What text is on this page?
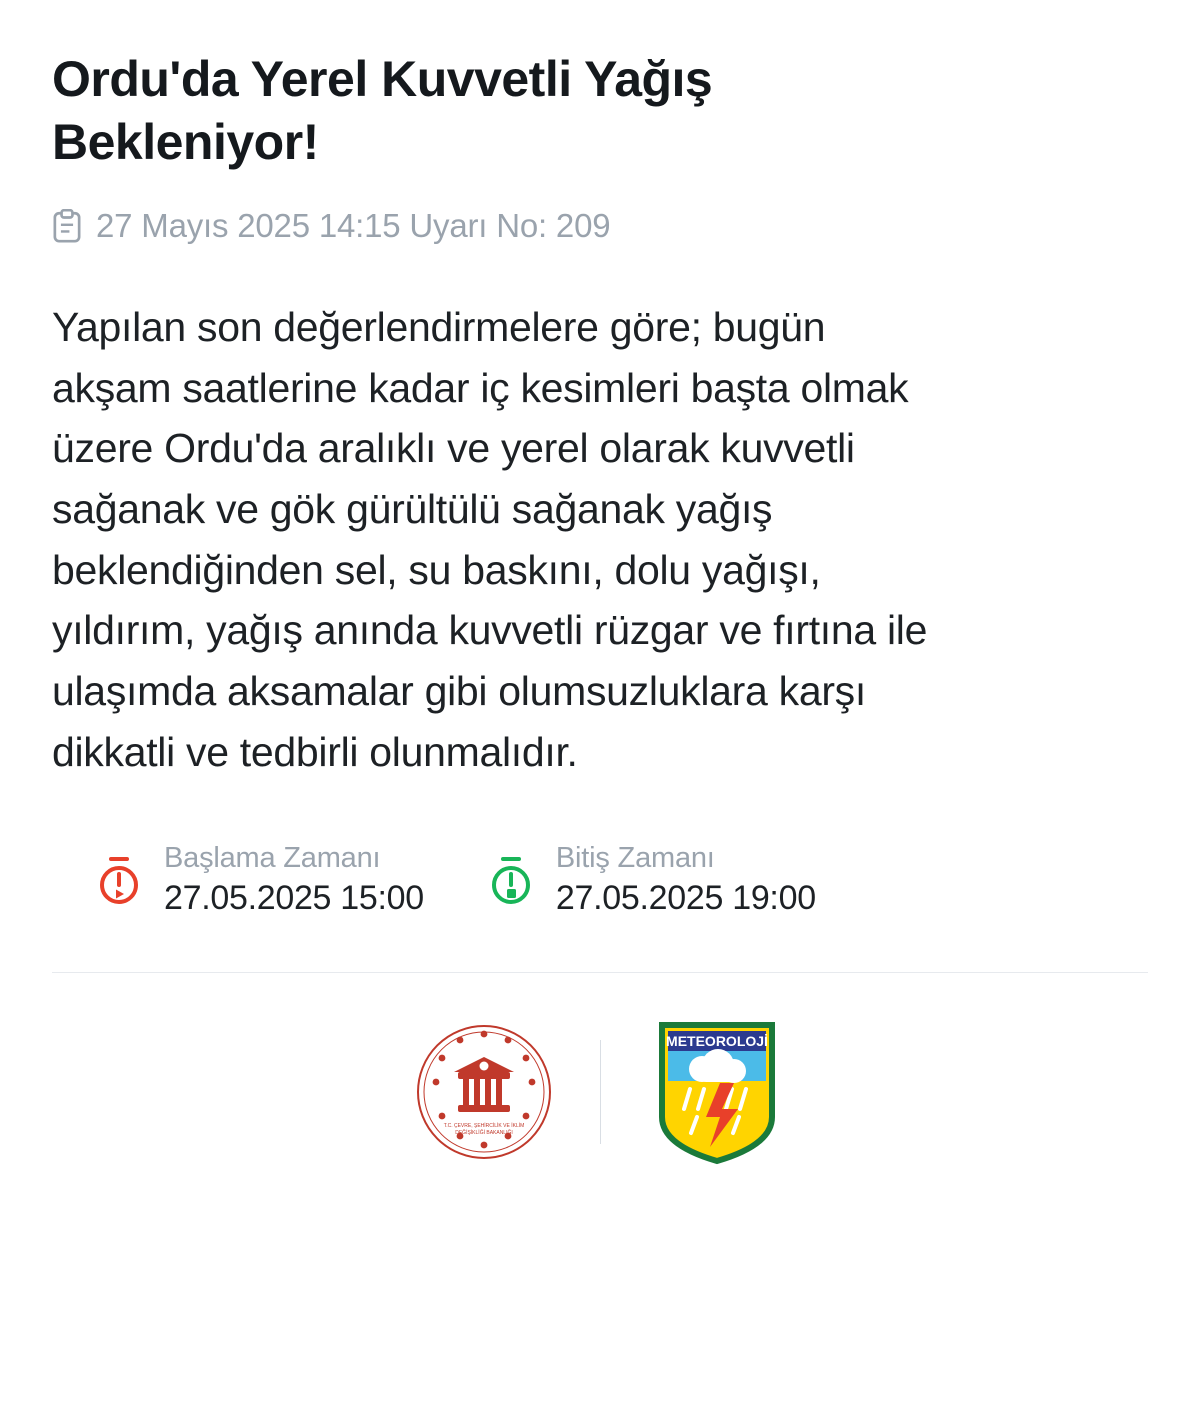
Ordu'da Yerel Kuvvetli Yağış Bekleniyor!
27 Mayıs 2025 14:15 Uyarı No: 209

Yapılan son değerlendirmelere göre; bugün akşam saatlerine kadar iç kesimleri başta olmak üzere Ordu'da aralıklı ve yerel olarak kuvvetli sağanak ve gök gürültülü sağanak yağış beklendiğinden sel, su baskını, dolu yağışı, yıldırım, yağış anında kuvvetli rüzgar ve fırtına ile ulaşımda aksamalar gibi olumsuzluklara karşı dikkatli ve tedbirli olunmalıdır.

Başlama Zamanı
27.05.2025 15:00
Bitiş Zamanı
27.05.2025 19:00
T.C. ÇEVRE, ŞEHİRCİLİK VE İKLİM
DEĞİŞİKLİĞİ BAKANLIĞI
METEOROLOJİ
